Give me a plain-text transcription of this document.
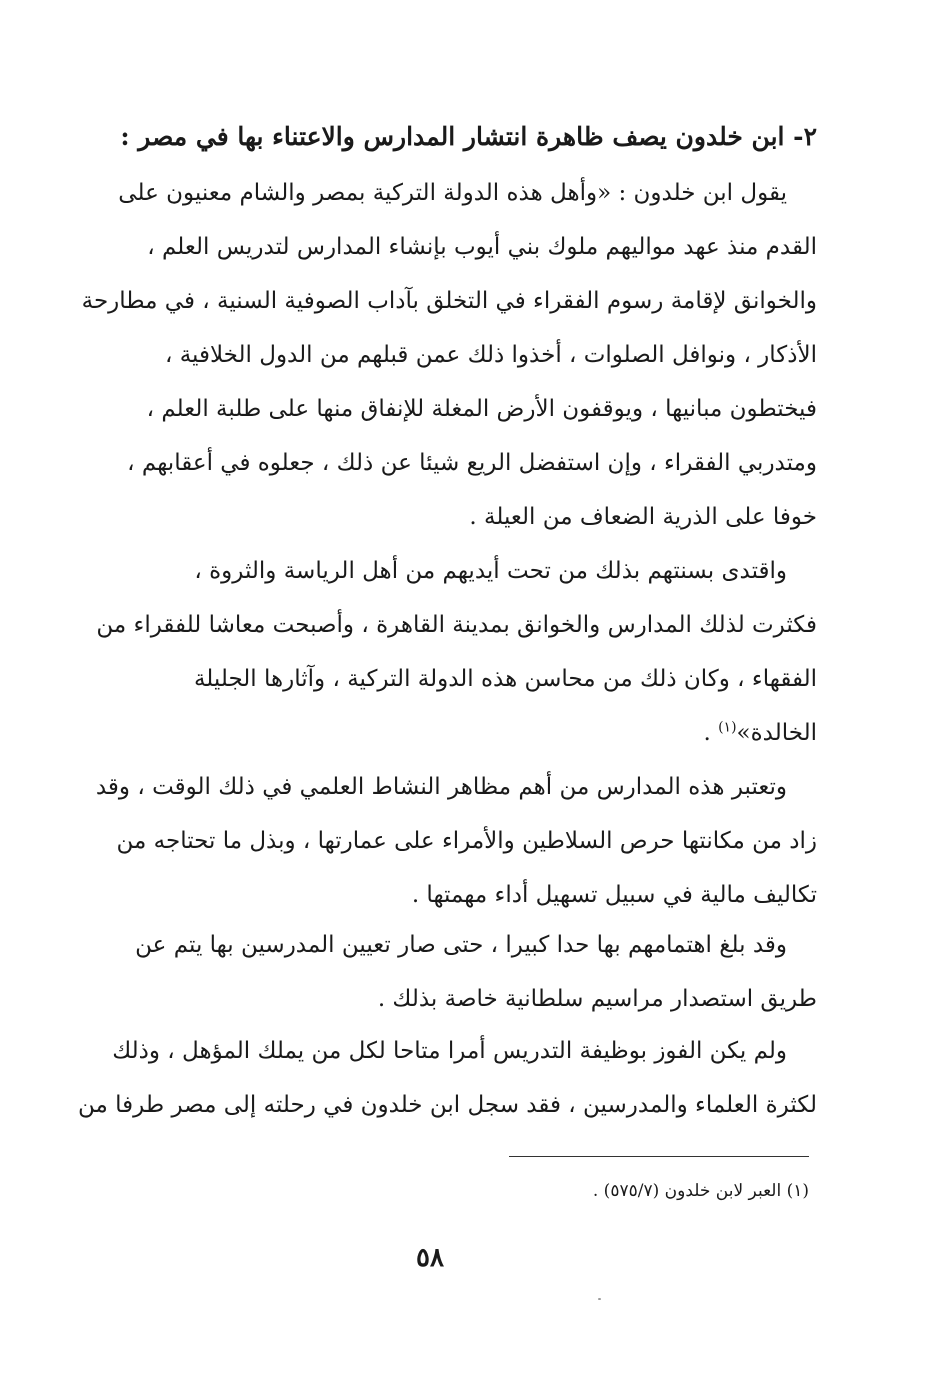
٢- ابن خلدون يصف ظاهرة انتشار المدارس والاعتناء بها في مصر :
يقول ابن خلدون : «وأهل هذه الدولة التركية بمصر والشام معنيون على
القدم منذ عهد مواليهم ملوك بني أيوب بإنشاء المدارس لتدريس العلم ،
والخوانق لإقامة رسوم الفقراء في التخلق بآداب الصوفية السنية ، في مطارحة
الأذكار ، ونوافل الصلوات ، أخذوا ذلك عمن قبلهم من الدول الخلافية ،
فيختطون مبانيها ، ويوقفون الأرض المغلة للإنفاق منها على طلبة العلم ،
ومتدربي الفقراء ، وإن استفضل الريع شيئا عن ذلك ، جعلوه في أعقابهم ،
خوفا على الذرية الضعاف من العيلة .
واقتدى بسنتهم بذلك من تحت أيديهم من أهل الرياسة والثروة ،
فكثرت لذلك المدارس والخوانق بمدينة القاهرة ، وأصبحت معاشا للفقراء من
الفقهاء ، وكان ذلك من محاسن هذه الدولة التركية ، وآثارها الجليلة
الخالدة»$^{(١)}$ .
وتعتبر هذه المدارس من أهم مظاهر النشاط العلمي في ذلك الوقت ، وقد
زاد من مكانتها حرص السلاطين والأمراء على عمارتها ، وبذل ما تحتاجه من
تكاليف مالية في سبيل تسهيل أداء مهمتها .
وقد بلغ اهتمامهم بها حدا كبيرا ، حتى صار تعيين المدرسين بها يتم عن
طريق استصدار مراسيم سلطانية خاصة بذلك .
ولم يكن الفوز بوظيفة التدريس أمرا متاحا لكل من يملك المؤهل ، وذلك
لكثرة العلماء والمدرسين ، فقد سجل ابن خلدون في رحلته إلى مصر طرفا من
(١) العبر لابن خلدون (٥٧٥/٧) .
٥٨
